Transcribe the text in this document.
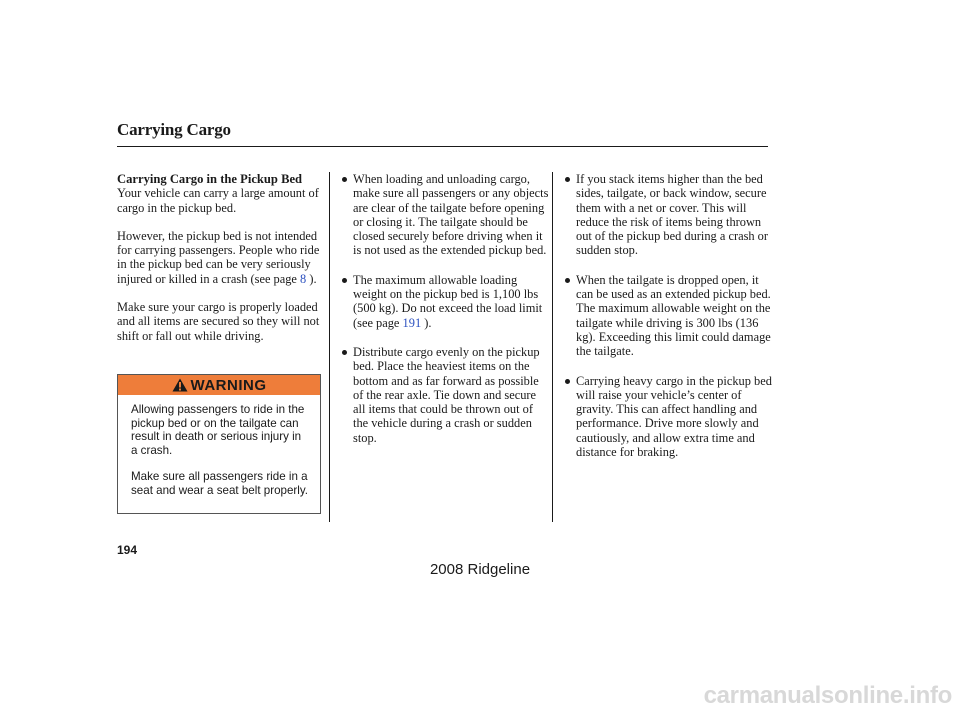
Carrying Cargo
Carrying Cargo in the Pickup Bed

Your vehicle can carry a large amount of cargo in the pickup bed.

However, the pickup bed is not intended for carrying passengers. People who ride in the pickup bed can be very seriously injured or killed in a crash (see page 8 ).

Make sure your cargo is properly loaded and all items are secured so they will not shift or fall out while driving.

WARNING

Allowing passengers to ride in the pickup bed or on the tailgate can result in death or serious injury in a crash.

Make sure all passengers ride in a seat and wear a seat belt properly.

When loading and unloading cargo, make sure all passengers or any objects are clear of the tailgate before opening or closing it. The tailgate should be closed securely before driving when it is not used as the extended pickup bed.
The maximum allowable loading weight on the pickup bed is 1,100 lbs (500 kg). Do not exceed the load limit (see page 191 ).
Distribute cargo evenly on the pickup bed. Place the heaviest items on the bottom and as far forward as possible of the rear axle. Tie down and secure all items that could be thrown out of the vehicle during a crash or sudden stop.
If you stack items higher than the bed sides, tailgate, or back window, secure them with a net or cover. This will reduce the risk of items being thrown out of the pickup bed during a crash or sudden stop.
When the tailgate is dropped open, it can be used as an extended pickup bed. The maximum allowable weight on the tailgate while driving is 300 lbs (136 kg). Exceeding this limit could damage the tailgate.
Carrying heavy cargo in the pickup bed will raise your vehicle’s center of gravity. This can affect handling and performance. Drive more slowly and cautiously, and allow extra time and distance for braking.
194
2008 Ridgeline
carmanualsonline.info
